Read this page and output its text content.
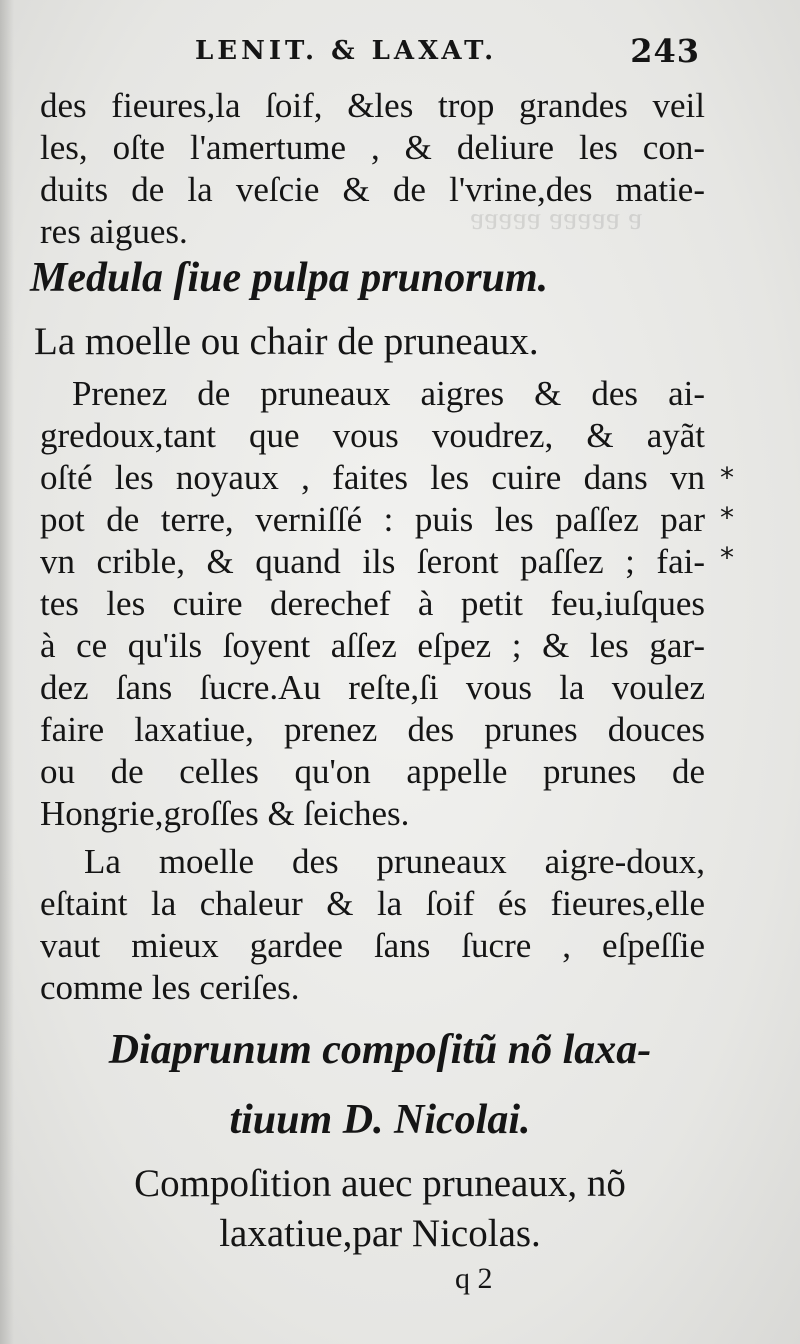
ɐ ɐɐɐɐɐ ɐɐɐɐɐ
LENIT. & LAXAT.	243
des fieures,la ſoif, &les trop grandes veil
les, oſte l'amertume , & deliure les con-
duits de la veſcie & de l'vrine,des matie-
res aigues.
Medula ſiue pulpa prunorum.
La moelle ou chair de pruneaux.
Prenez de pruneaux aigres & des ai-
gredoux,tant que vous voudrez, & ayãt
oſté les noyaux , faites les cuire dans vn
pot de terre, verniſſé : puis les paſſez par
vn crible, & quand ils ſeront paſſez ; fai-
tes les cuire derechef à petit feu,iuſques
à ce qu'ils ſoyent aſſez eſpez ; & les gar-
dez ſans ſucre.Au reſte,ſi vous la voulez
faire laxatiue, prenez des prunes douces
ou de celles qu'on appelle prunes de
Hongrie,groſſes & ſeiches.
*
*
*
La moelle des pruneaux aigre-doux,
eſtaint la chaleur & la ſoif és fieures,elle
vaut mieux gardee ſans ſucre , eſpeſſie
comme les ceriſes.
Diaprunum compoſitũ nõ laxa-
tiuum D. Nicolai.
Compoſition auec pruneaux, nõ
laxatiue,par Nicolas.
q 2
